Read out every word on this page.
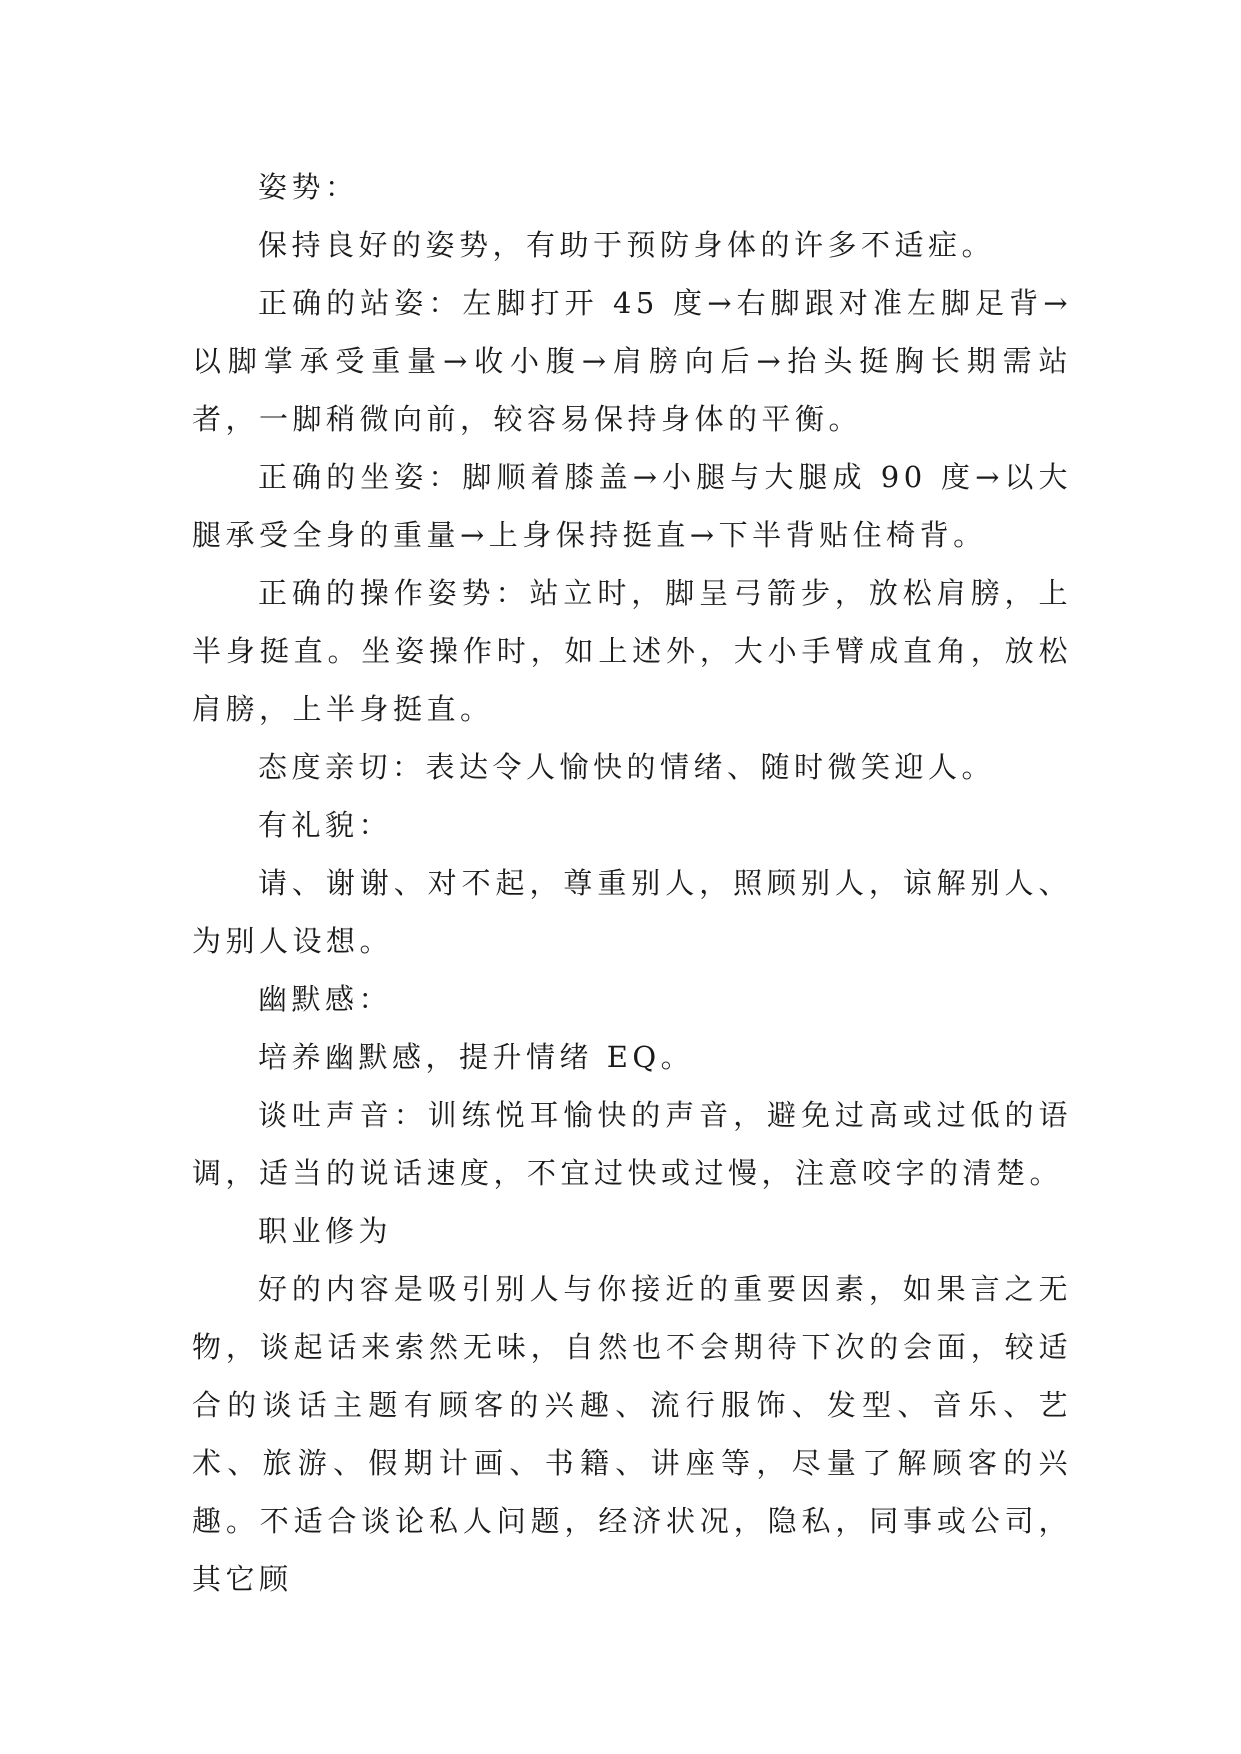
姿势：

保持良好的姿势，有助于预防身体的许多不适症。

正确的站姿：左脚打开 45 度→右脚跟对准左脚足背→以脚掌承受重量→收小腹→肩膀向后→抬头挺胸长期需站者，一脚稍微向前，较容易保持身体的平衡。

正确的坐姿：脚顺着膝盖→小腿与大腿成 90 度→以大腿承受全身的重量→上身保持挺直→下半背贴住椅背。

正确的操作姿势：站立时，脚呈弓箭步，放松肩膀，上半身挺直。坐姿操作时，如上述外，大小手臂成直角，放松肩膀，上半身挺直。

态度亲切：表达令人愉快的情绪、随时微笑迎人。

有礼貌：

请、谢谢、对不起，尊重别人，照顾别人，谅解别人、为别人设想。

幽默感：

培养幽默感，提升情绪 EQ。

谈吐声音：训练悦耳愉快的声音，避免过高或过低的语调，适当的说话速度，不宜过快或过慢，注意咬字的清楚。

职业修为

好的内容是吸引别人与你接近的重要因素，如果言之无物，谈起话来索然无味，自然也不会期待下次的会面，较适合的谈话主题有顾客的兴趣、流行服饰、发型、音乐、艺术、旅游、假期计画、书籍、讲座等，尽量了解顾客的兴趣。不适合谈论私人问题，经济状况，隐私，同事或公司，其它顾
